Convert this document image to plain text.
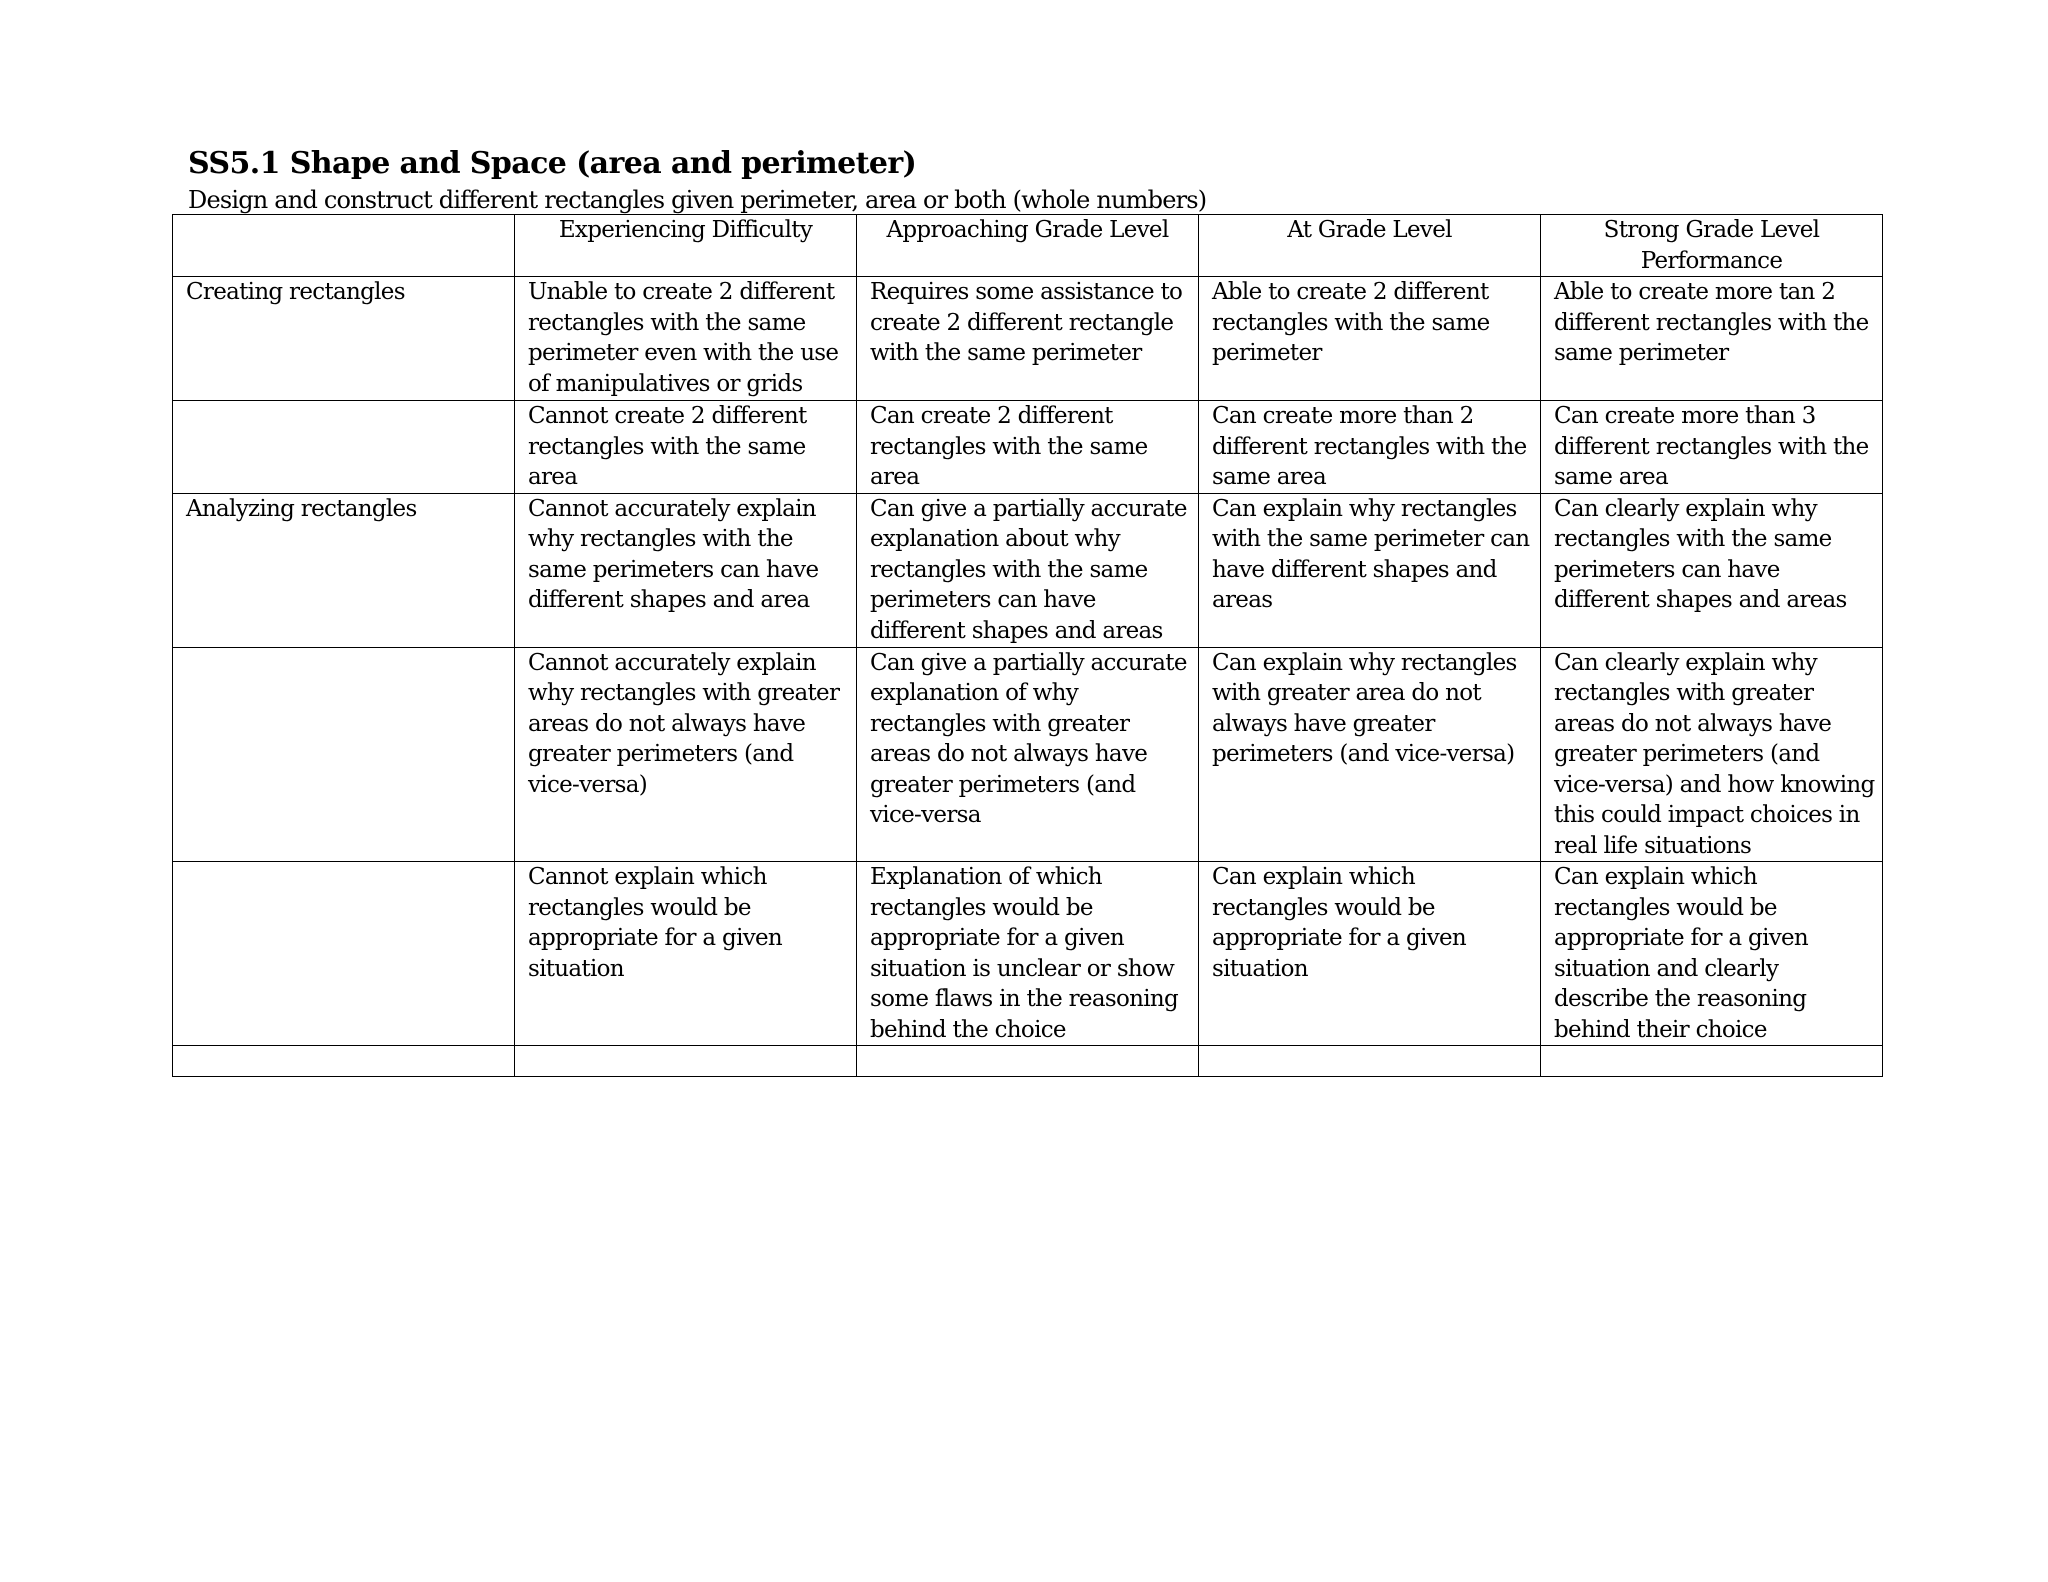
SS5.1 Shape and Space (area and perimeter)
Design and construct different rectangles given perimeter, area or both (whole numbers)
	Experiencing Difficulty	Approaching Grade Level	At Grade Level	Strong Grade Level Performance
Creating rectangles	Unable to create 2 different rectangles with the same perimeter even with the use of manipulatives or grids	Requires some assistance to create 2 different rectangle with the same perimeter	Able to create 2 different rectangles with the same perimeter	Able to create more tan 2 different rectangles with the same perimeter
	Cannot create 2 different rectangles with the same area	Can create 2 different rectangles with the same area	Can create more than 2 different rectangles with the same area	Can create more than 3 different rectangles with the same area
Analyzing rectangles	Cannot accurately explain why rectangles with the same perimeters can have different shapes and area	Can give a partially accurate explanation about why rectangles with the same perimeters can have different shapes and areas	Can explain why rectangles with the same perimeter can have different shapes and areas	Can clearly explain why rectangles with the same perimeters can have different shapes and areas
	Cannot accurately explain why rectangles with greater areas do not always have greater perimeters (and vice-versa)	Can give a partially accurate explanation of why rectangles with greater areas do not always have greater perimeters (and vice-versa	Can explain why rectangles with greater area do not always have greater perimeters (and vice-versa)	Can clearly explain why rectangles with greater areas do not always have greater perimeters (and vice-versa) and how knowing this could impact choices in real life situations
	Cannot explain which rectangles would be appropriate for a given situation	Explanation of which rectangles would be appropriate for a given situation is unclear or show some flaws in the reasoning behind the choice	Can explain which rectangles would be appropriate for a given situation	Can explain which rectangles would be appropriate for a given situation and clearly describe the reasoning behind their choice
